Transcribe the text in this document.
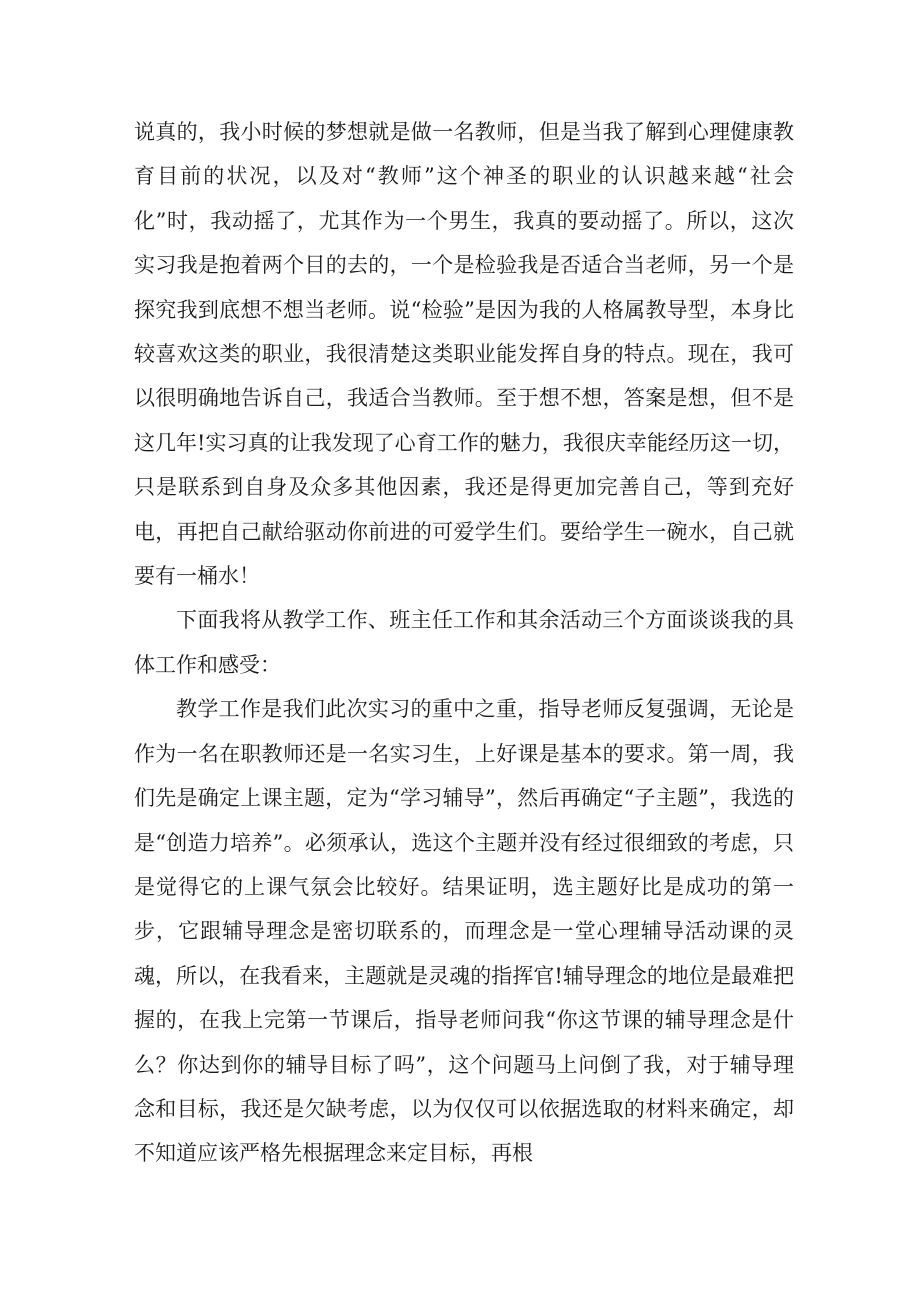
说真的，我小时候的梦想就是做一名教师，但是当我了解到心理健康教育目前的状况，以及对“教师”这个神圣的职业的认识越来越“社会化”时，我动摇了，尤其作为一个男生，我真的要动摇了。所以，这次实习我是抱着两个目的去的，一个是检验我是否适合当老师，另一个是探究我到底想不想当老师。说“检验”是因为我的人格属教导型，本身比较喜欢这类的职业，我很清楚这类职业能发挥自身的特点。现在，我可以很明确地告诉自己，我适合当教师。至于想不想，答案是想，但不是这几年!实习真的让我发现了心育工作的魅力，我很庆幸能经历这一切，只是联系到自身及众多其他因素，我还是得更加完善自己，等到充好电，再把自己献给驱动你前进的可爱学生们。要给学生一碗水，自己就要有一桶水！

下面我将从教学工作、班主任工作和其余活动三个方面谈谈我的具体工作和感受：

教学工作是我们此次实习的重中之重，指导老师反复强调，无论是作为一名在职教师还是一名实习生，上好课是基本的要求。第一周，我们先是确定上课主题，定为“学习辅导”，然后再确定“子主题”，我选的是“创造力培养”。必须承认，选这个主题并没有经过很细致的考虑，只是觉得它的上课气氛会比较好。结果证明，选主题好比是成功的第一步，它跟辅导理念是密切联系的，而理念是一堂心理辅导活动课的灵魂，所以，在我看来，主题就是灵魂的指挥官!辅导理念的地位是最难把握的，在我上完第一节课后，指导老师问我“你这节课的辅导理念是什么？你达到你的辅导目标了吗”，这个问题马上问倒了我，对于辅导理念和目标，我还是欠缺考虑，以为仅仅可以依据选取的材料来确定，却不知道应该严格先根据理念来定目标，再根
